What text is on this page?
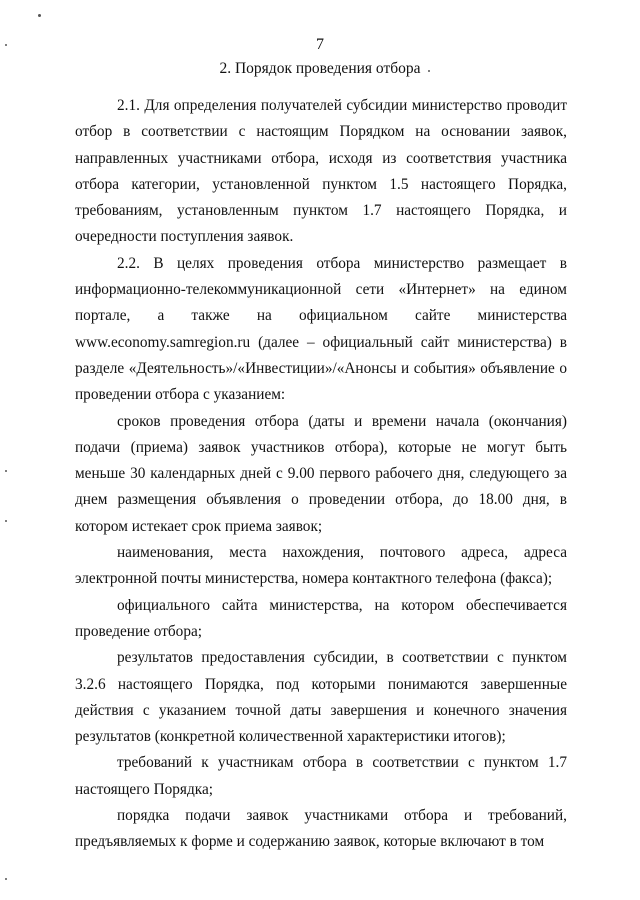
7
2. Порядок проведения отбора

2.1. Для определения получателей субсидии министерство проводит отбор в соответствии с настоящим Порядком на основании заявок, направленных участниками отбора, исходя из соответствия участника отбора категории, установленной пунктом 1.5 настоящего Порядка, требованиям, установленным пунктом 1.7 настоящего Порядка, и очередности поступления заявок.

2.2. В целях проведения отбора министерство размещает в информационно-телекоммуникационной сети «Интернет» на едином портале, а также на официальном сайте министерства www.economy.samregion.ru (далее – официальный сайт министерства) в разделе «Деятельность»/«Инвестиции»/«Анонсы и события» объявление о проведении отбора с указанием:

сроков проведения отбора (даты и времени начала (окончания) подачи (приема) заявок участников отбора), которые не могут быть меньше 30 календарных дней с 9.00 первого рабочего дня, следующего за днем размещения объявления о проведении отбора, до 18.00 дня, в котором истекает срок приема заявок;

наименования, места нахождения, почтового адреса, адреса электронной почты министерства, номера контактного телефона (факса);

официального сайта министерства, на котором обеспечивается проведение отбора;

результатов предоставления субсидии, в соответствии с пунктом 3.2.6 настоящего Порядка, под которыми понимаются завершенные действия с указанием точной даты завершения и конечного значения результатов (конкретной количественной характеристики итогов);

требований к участникам отбора в соответствии с пунктом 1.7 настоящего Порядка;

порядка подачи заявок участниками отбора и требований, предъявляемых к форме и содержанию заявок, которые включают в том
